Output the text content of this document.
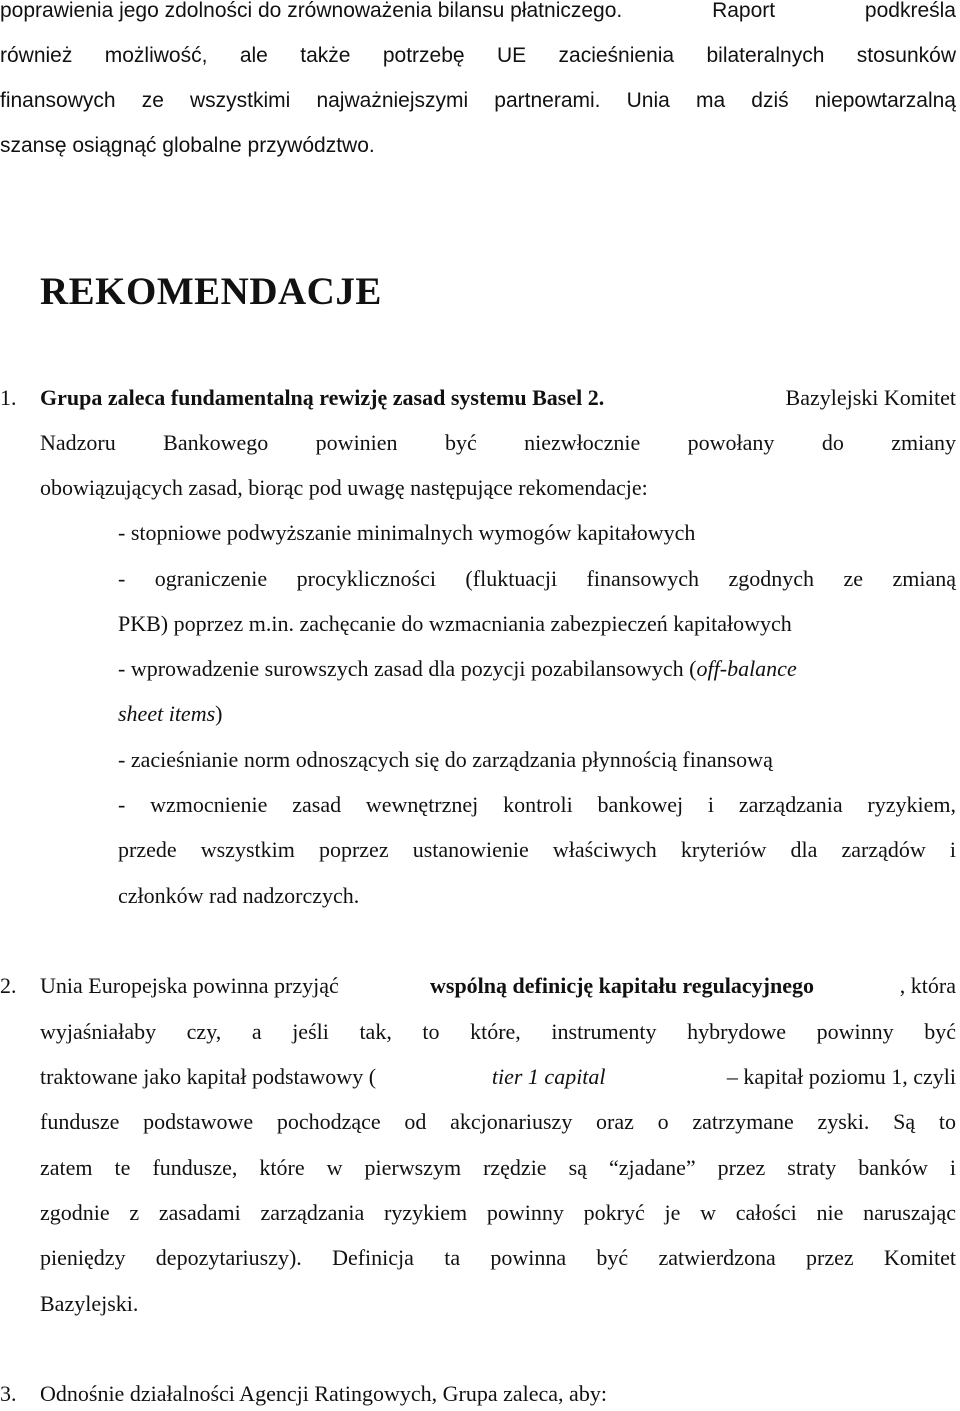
poprawienia jego zdolności do zrównoważenia bilansu płatniczego.	Raport	podkreśla
również możliwość, ale także potrzebę UE zacieśnienia bilateralnych stosunków
finansowych ze wszystkimi najważniejszymi partnerami. Unia ma dziś niepowtarzalną
szansę osiągnąć globalne przywództwo.
REKOMENDACJE
1.	Grupa zaleca fundamentalną rewizję zasad systemu Basel 2.	Bazylejski Komitet
Nadzoru Bankowego powinien być niezwłocznie powołany do zmiany
obowiązujących zasad, biorąc pod uwagę następujące rekomendacje:
- stopniowe podwyższanie minimalnych wymogów kapitałowych
- ograniczenie procykliczności (fluktuacji finansowych zgodnych ze zmianą
PKB) poprzez m.in. zachęcanie do wzmacniania zabezpieczeń kapitałowych
- wprowadzenie surowszych zasad dla pozycji pozabilansowych ( off-balance
sheet items)
- zacieśnianie norm odnoszących się do zarządzania płynnością finansową
- wzmocnienie zasad wewnętrznej kontroli bankowej i zarządzania ryzykiem,
przede wszystkim poprzez ustanowienie właściwych kryteriów dla zarządów i
członków rad nadzorczych.
2.	Unia Europejska powinna przyjąć	wspólną definicję kapitału regulacyjnego	, która
wyjaśniałaby czy, a jeśli tak, to które, instrumenty hybrydowe powinny być
traktowane jako kapitał podstawowy (	tier 1 capital	– kapitał poziomu 1, czyli
fundusze podstawowe pochodzące od akcjonariuszy oraz o zatrzymane zyski. Są to
zatem te fundusze, które w pierwszym rzędzie są “zjadane” przez straty banków i
zgodnie z zasadami zarządzania ryzykiem powinny pokryć je w całości nie naruszając
pieniędzy depozytariuszy). Definicja ta powinna być zatwierdzona przez Komitet
Bazylejski.
3.	Odnośnie działalności Agencji Ratingowych, Grupa zaleca, aby:
